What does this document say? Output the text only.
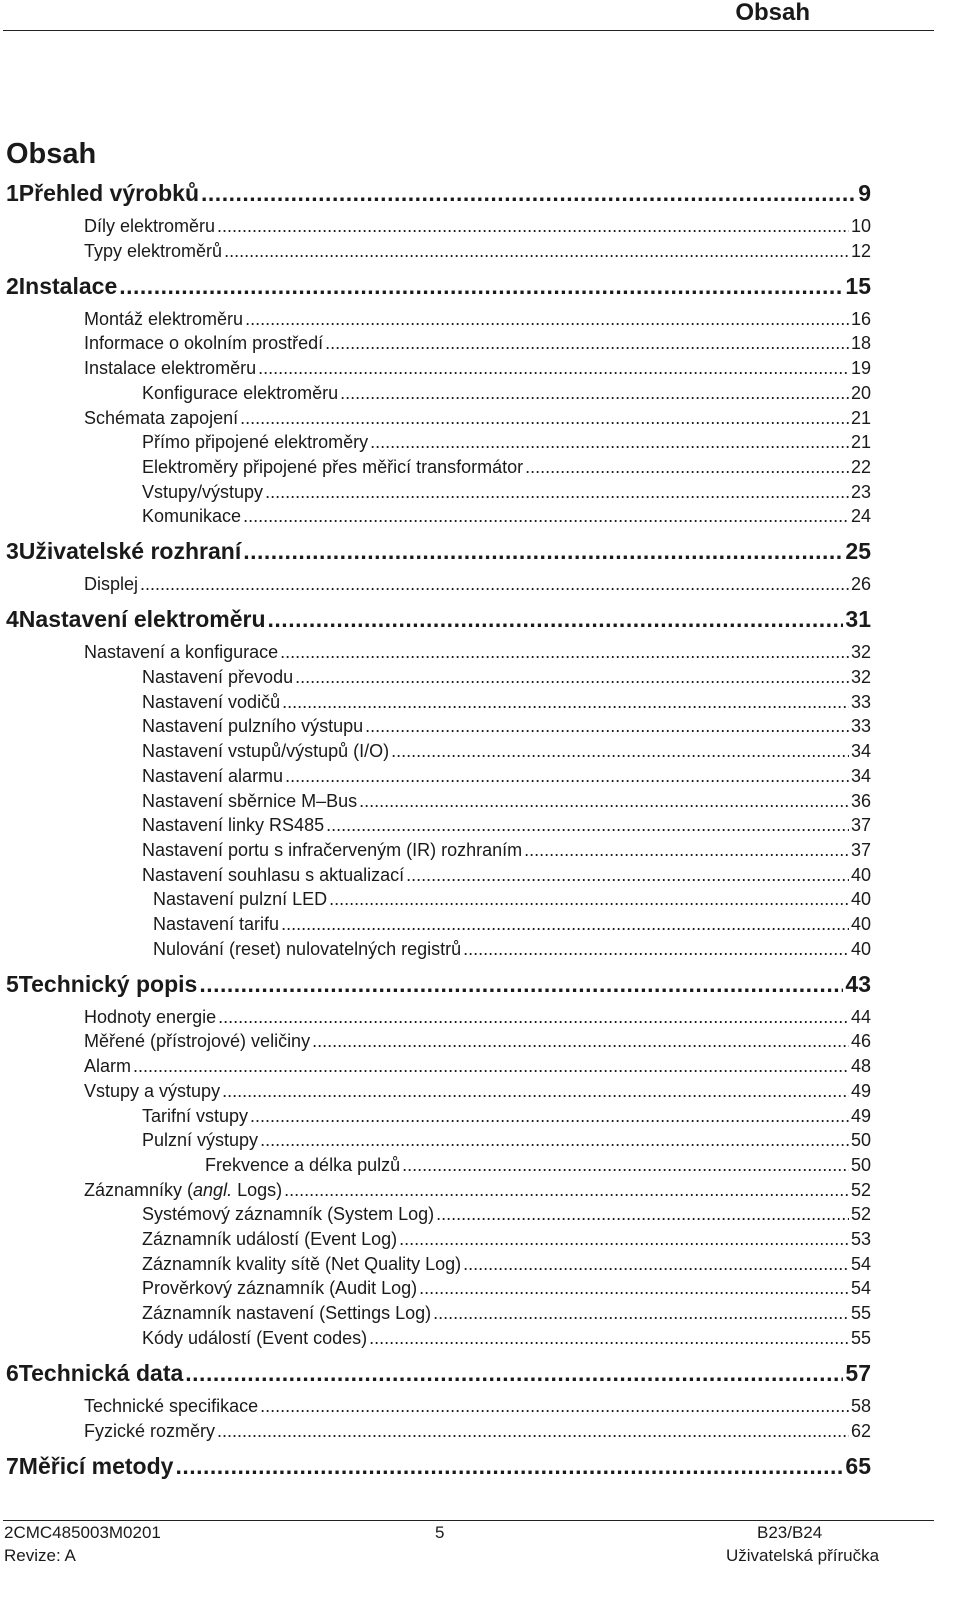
Obsah
Obsah
1 Přehled výrobků .....	9
Díly elektroměru .....	10
Typy elektroměrů .....	12
2 Instalace .....	15
Montáž elektroměru .....	16
Informace o okolním prostředí .....	18
Instalace elektroměru .....	19
Konfigurace elektroměru .....	20
Schémata zapojení .....	21
Přímo připojené elektroměry .....	21
Elektroměry připojené přes měřicí transformátor .....	22
Vstupy/výstupy .....	23
Komunikace .....	24
3 Uživatelské rozhraní .....	25
Displej .....	26
4 Nastavení elektroměru .....	31
Nastavení a konfigurace .....	32
Nastavení převodu .....	32
Nastavení vodičů .....	33
Nastavení pulzního výstupu .....	33
Nastavení vstupů/výstupů (I/O) .....	34
Nastavení alarmu .....	34
Nastavení sběrnice M–Bus .....	36
Nastavení linky RS485 .....	37
Nastavení portu s infračerveným (IR) rozhraním .....	37
Nastavení souhlasu s aktualizací .....	40
Nastavení pulzní LED .....	40
Nastavení tarifu .....	40
Nulování (reset) nulovatelných registrů .....	40
5 Technický popis .....	43
Hodnoty energie .....	44
Měřené (přístrojové) veličiny .....	46
Alarm .....	48
Vstupy a výstupy .....	49
Tarifní vstupy .....	49
Pulzní výstupy .....	50
Frekvence a délka pulzů .....	50
Záznamníky (angl. Logs) .....	52
Systémový záznamník (System Log) .....	52
Záznamník událostí (Event Log) .....	53
Záznamník kvality sítě (Net Quality Log) .....	54
Prověrkový záznamník (Audit Log) .....	54
Záznamník nastavení (Settings Log) .....	55
Kódy událostí (Event codes) .....	55
6 Technická data .....	57
Technické specifikace .....	58
Fyzické rozměry .....	62
7 Měřicí metody .....	65
2CMC485003M0201	5	B23/B24
Revize: A	Uživatelská příručka
